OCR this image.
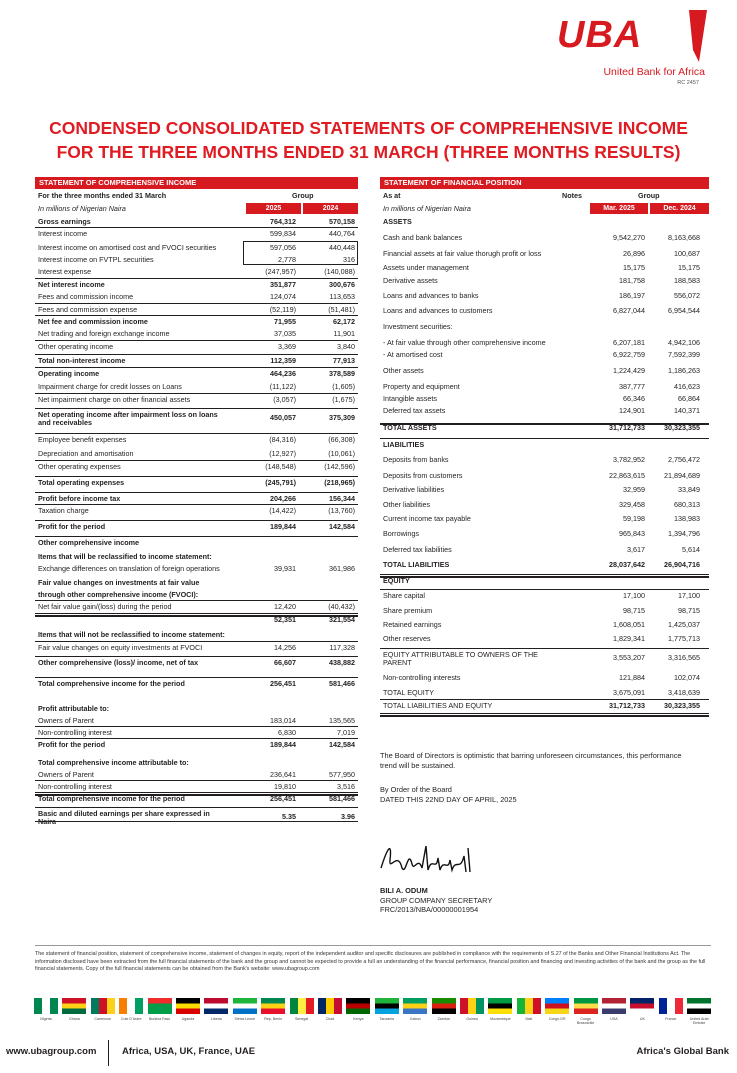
UBA
United Bank for Africa
RC 2457
CONDENSED CONSOLIDATED STATEMENTS OF COMPREHENSIVE INCOME
FOR THE THREE MONTHS ENDED 31 MARCH (THREE MONTHS RESULTS)
STATEMENT OF COMPREHENSIVE INCOME
For the three months ended 31 March	Group
In millions of Nigerian Naira	2025	2024
Gross earnings	764,312	570,158
Interest income	599,834	440,764
Interest income on amortised cost and FVOCI securities	597,056	440,448
Interest income on FVTPL securities	2,778	316
Interest expense	(247,957)	(140,088)
Net interest income	351,877	300,676
Fees and commission income	124,074	113,653
Fees and commission expense	(52,119)	(51,481)
Net fee and commission income	71,955	62,172
Net trading and foreign exchange income	37,035	11,901
Other operating income	3,369	3,840
Total non-interest income	112,359	77,913
Operating income	464,236	378,589
Impairment charge for credit losses on Loans	(11,122)	(1,605)
Net impairment charge on other financial assets	(3,057)	(1,675)
Net operating income after impairment loss on loans
and receivables
450,057	375,309
Employee benefit expenses	(84,316)	(66,308)
Depreciation and amortisation	(12,927)	(10,061)
Other operating expenses	(148,548)	(142,596)
Total operating expenses	(245,791)	(218,965)
Profit before income tax	204,266	156,344
Taxation charge	(14,422)	(13,760)
Profit for the period	189,844	142,584
Other comprehensive income
Items that will be reclassified to income statement:
Exchange differences on translation of foreign operations	39,931	361,986
Fair value changes on investments at fair value
through other comprehensive income (FVOCI):
Net fair value gain/(loss) during the period	12,420	(40,432)
52,351	321,554
Items that will not be reclassified to income statement:
Fair value changes on equity investments at FVOCI	14,256	117,328
Other comprehensive (loss)/ income, net of tax	66,607	438,882
Total comprehensive income for the period	256,451	581,466
Profit attributable to:
Owners of Parent	183,014	135,565
Non-controlling interest	6,830	7,019
Profit for the period	189,844	142,584
Total comprehensive income attributable to:
Owners of Parent	236,641	577,950
Non-controlling interest	19,810	3,516
Total comprehensive income for the period	256,451	581,466
Basic and diluted earnings per share expressed in
Naira
5.35	3.96
STATEMENT OF FINANCIAL POSITION
As at	Notes	Group
In millions of Nigerian Naira	Mar. 2025	Dec. 2024
ASSETS
Cash and bank balances	9,542,270	8,163,668
Financial assets at fair value thorugh profit or loss	26,896	100,687
Assets under management	15,175	15,175
Derivative assets	181,758	188,583
Loans and advances to banks	186,197	556,072
Loans and advances to customers	6,827,044	6,954,544
Investment securities:
- At fair value through other comprehensive income	6,207,181	4,942,106
- At amortised cost	6,922,759	7,592,399
Other assets	1,224,429	1,186,263
Property and equipment	387,777	416,623
Intangible assets	66,346	66,864
Deferred tax assets	124,901	140,371
TOTAL ASSETS	31,712,733	30,323,355
LIABILITIES
Deposits from banks	3,782,952	2,756,472
Deposits from customers	22,863,615	21,894,689
Derivative liabilities	32,959	33,849
Other liabilities	329,458	680,313
Current income tax payable	59,198	138,983
Borrowings	965,843	1,394,796
Deferred tax liabilities	3,617	5,614
TOTAL LIABILITIES	28,037,642	26,904,716
EQUITY
Share capital	17,100	17,100
Share premium	98,715	98,715
Retained earnings	1,608,051	1,425,037
Other reserves	1,829,341	1,775,713
EQUITY ATTRIBUTABLE TO OWNERS OF THE
PARENT
3,553,207	3,316,565
Non-controlling interests	121,884	102,074
TOTAL EQUITY	3,675,091	3,418,639
TOTAL LIABILITIES AND EQUITY	31,712,733	30,323,355
The Board of Directors is optimistic that barring unforeseen circumstances, this performance
trend will be sustained.
By Order of the Board
DATED THIS 22ND DAY OF APRIL, 2025
BILI A. ODUM
GROUP COMPANY SECRETARY
FRC/2013/NBA/00000001954
The statement of financial position, statement of comprehensive income, statement of changes in equity, report of the independent auditor and specific disclosures are published in compliance with the requirements of S.27 of the Banks and Other Financial Institutions Act. The information disclosed have been extracted from the full financial statements of the bank and the group and cannot be expected to provide a full an understanding of the financial performance, financial position and financing and investing activities of the bank and the group as the full financial statements. Copy of the full financial statements can be obtained from the Bank's website: www.ubagroup.com
Nigeria	Ghana	Cameroon	Cote D'Ivoire	Burkina Faso	Uganda	Liberia	Sierra Leone	Rep. Benin	Senegal	Chad	Kenya	Tanzania	Gabon	Zambia	Guinea	Mozambique	Mali	Congo DR	Congo Brazzaville
USA	UK	France	United Arab Emirate
www.ubagroup.com	Africa, USA, UK, France, UAE	Africa's Global Bank
